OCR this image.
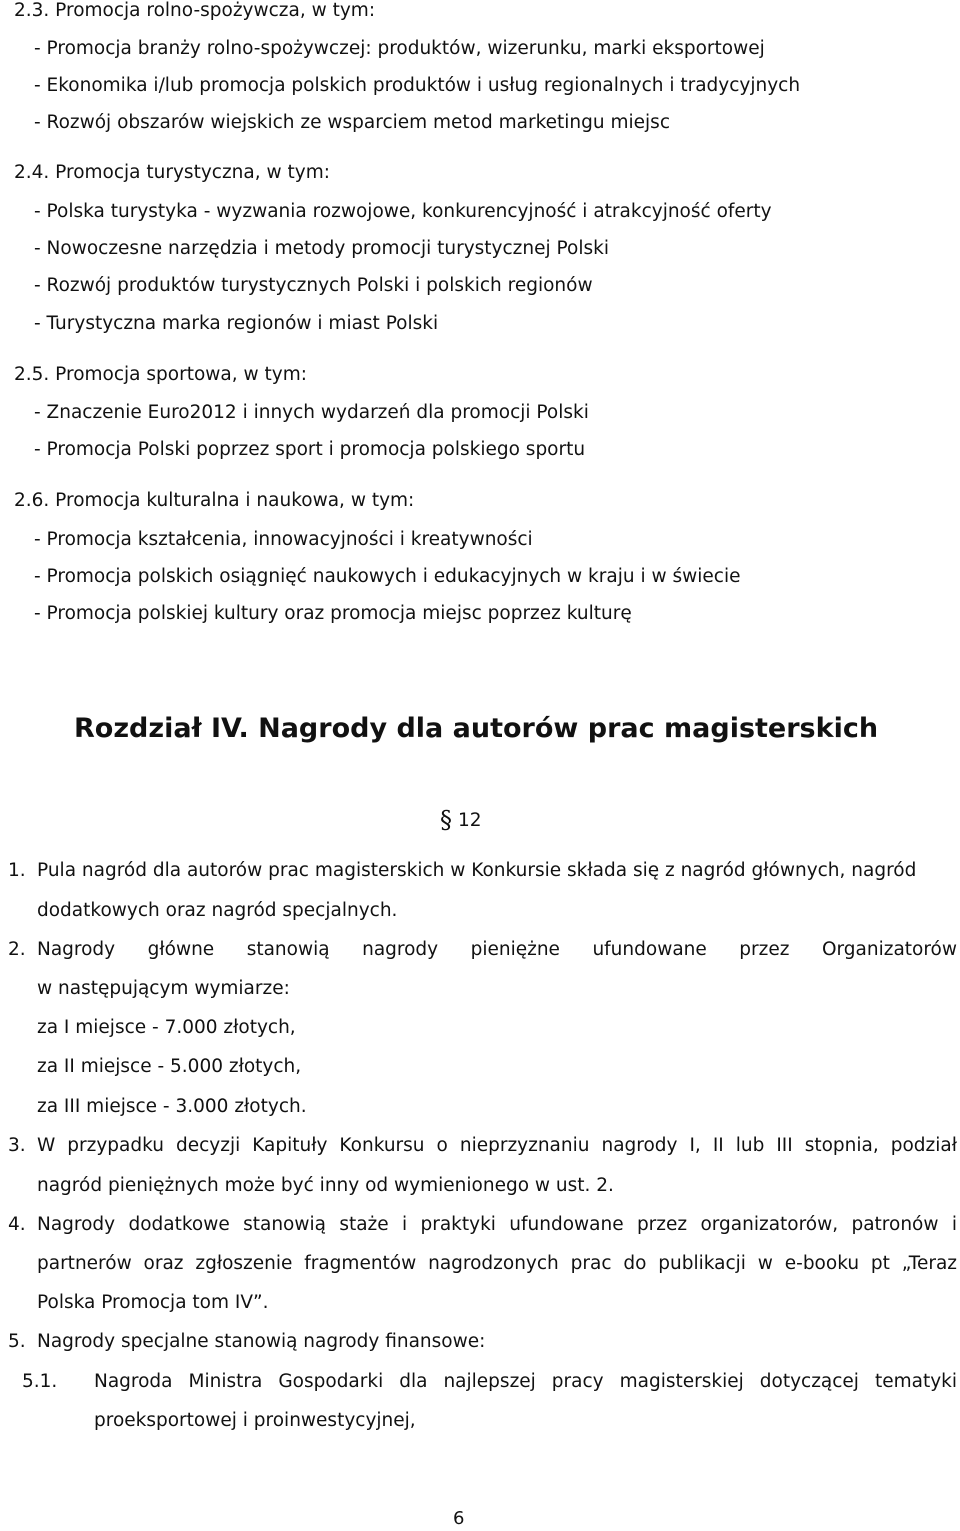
2.3. Promocja rolno-spożywcza, w tym:
- Promocja branży rolno-spożywczej: produktów, wizerunku, marki eksportowej
- Ekonomika i/lub promocja polskich produktów i usług regionalnych i tradycyjnych
- Rozwój obszarów wiejskich ze wsparciem metod marketingu miejsc
2.4. Promocja turystyczna, w tym:
- Polska turystyka - wyzwania rozwojowe, konkurencyjność i atrakcyjność oferty
- Nowoczesne narzędzia i metody promocji turystycznej Polski
- Rozwój produktów turystycznych Polski i polskich regionów
- Turystyczna marka regionów i miast Polski
2.5. Promocja sportowa, w tym:
- Znaczenie Euro2012 i innych wydarzeń dla promocji Polski
- Promocja Polski poprzez sport i promocja polskiego sportu
2.6. Promocja kulturalna i naukowa, w tym:
- Promocja kształcenia, innowacyjności i kreatywności
- Promocja polskich osiągnięć naukowych i edukacyjnych w kraju i w świecie
- Promocja polskiej kultury oraz promocja miejsc poprzez kulturę
Rozdział IV. Nagrody dla autorów prac magisterskich
§ 12
1. Pula nagród dla autorów prac magisterskich w Konkursie składa się z nagród głównych, nagród
dodatkowych oraz nagród specjalnych.
2. Nagrody główne stanowią nagrody pieniężne ufundowane przez Organizatorów
w następującym wymiarze:
za I miejsce - 7.000 złotych,
za II miejsce - 5.000 złotych,
za III miejsce - 3.000 złotych.
3. W przypadku decyzji Kapituły Konkursu o nieprzyznaniu nagrody I, II lub III stopnia, podział
nagród pieniężnych może być inny od wymienionego w ust. 2.
4. Nagrody dodatkowe stanowią staże i praktyki ufundowane przez organizatorów, patronów i
partnerów oraz zgłoszenie fragmentów nagrodzonych prac do publikacji w e-booku pt „Teraz
Polska Promocja tom IV”.
5. Nagrody specjalne stanowią nagrody finansowe:
5.1. Nagroda Ministra Gospodarki dla najlepszej pracy magisterskiej dotyczącej tematyki
proeksportowej i proinwestycyjnej,
6
